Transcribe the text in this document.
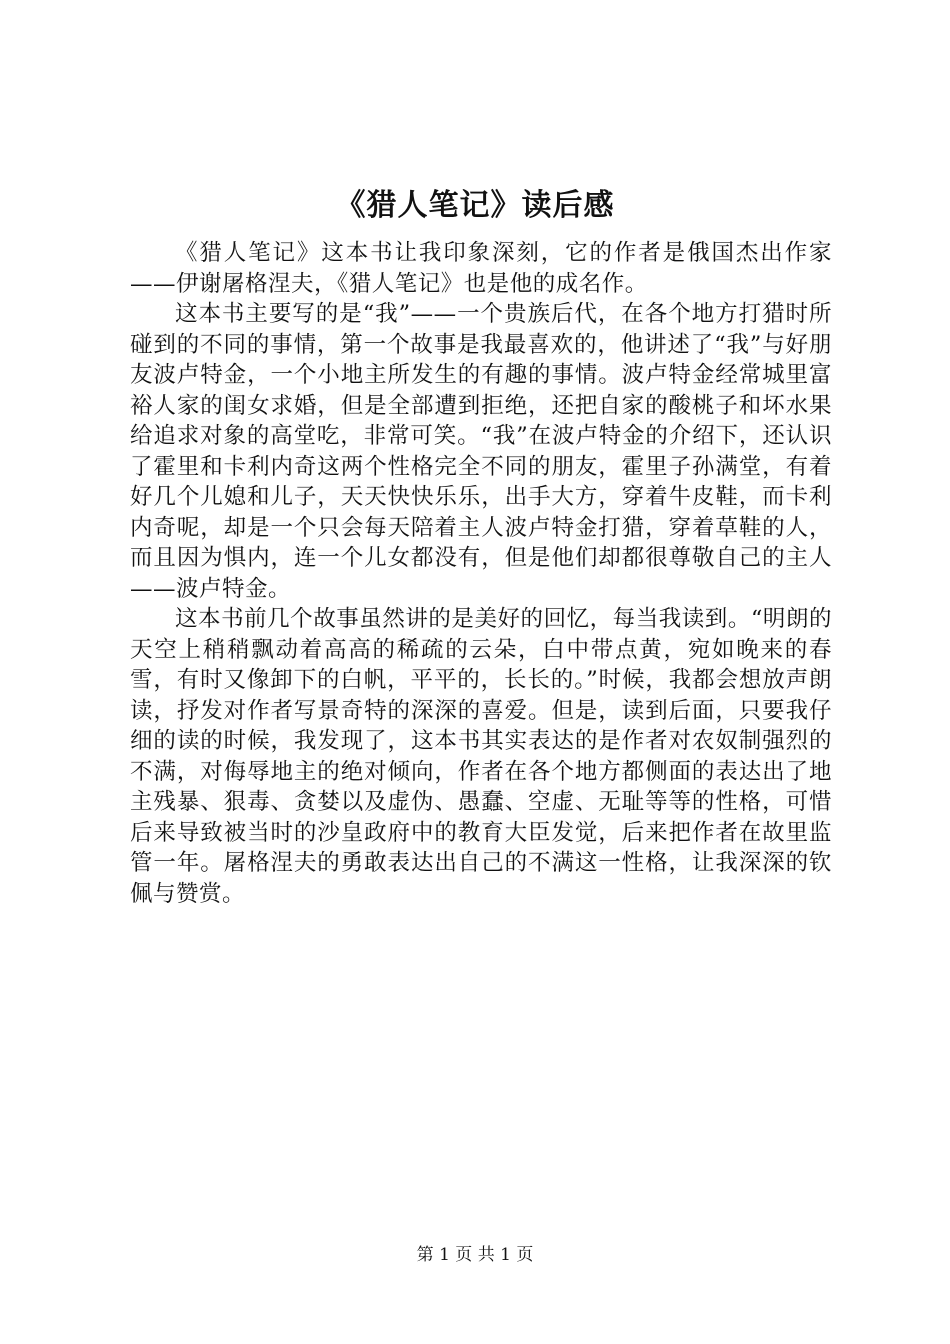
《猎人笔记》读后感

《猎人笔记》这本书让我印象深刻，它的作者是俄国杰出作家——伊谢屠格涅夫，《猎人笔记》也是他的成名作。

这本书主要写的是“我”——一个贵族后代，在各个地方打猎时所碰到的不同的事情，第一个故事是我最喜欢的，他讲述了“我”与好朋友波卢特金，一个小地主所发生的有趣的事情。波卢特金经常城里富裕人家的闺女求婚，但是全部遭到拒绝，还把自家的酸桃子和坏水果给追求对象的高堂吃，非常可笑。“我”在波卢特金的介绍下，还认识了霍里和卡利内奇这两个性格完全不同的朋友，霍里子孙满堂，有着好几个儿媳和儿子，天天快快乐乐，出手大方，穿着牛皮鞋，而卡利内奇呢，却是一个只会每天陪着主人波卢特金打猎，穿着草鞋的人，而且因为惧内，连一个儿女都没有，但是他们却都很尊敬自己的主人——波卢特金。

这本书前几个故事虽然讲的是美好的回忆，每当我读到。“明朗的天空上稍稍飘动着高高的稀疏的云朵，白中带点黄，宛如晚来的春雪，有时又像卸下的白帆，平平的，长长的。”时候，我都会想放声朗读，抒发对作者写景奇特的深深的喜爱。但是，读到后面，只要我仔细的读的时候，我发现了，这本书其实表达的是作者对农奴制强烈的不满，对侮辱地主的绝对倾向，作者在各个地方都侧面的表达出了地主残暴、狠毒、贪婪以及虚伪、愚蠢、空虚、无耻等等的性格，可惜后来导致被当时的沙皇政府中的教育大臣发觉，后来把作者在故里监管一年。屠格涅夫的勇敢表达出自己的不满这一性格，让我深深的钦佩与赞赏。

第 1 页 共 1 页
